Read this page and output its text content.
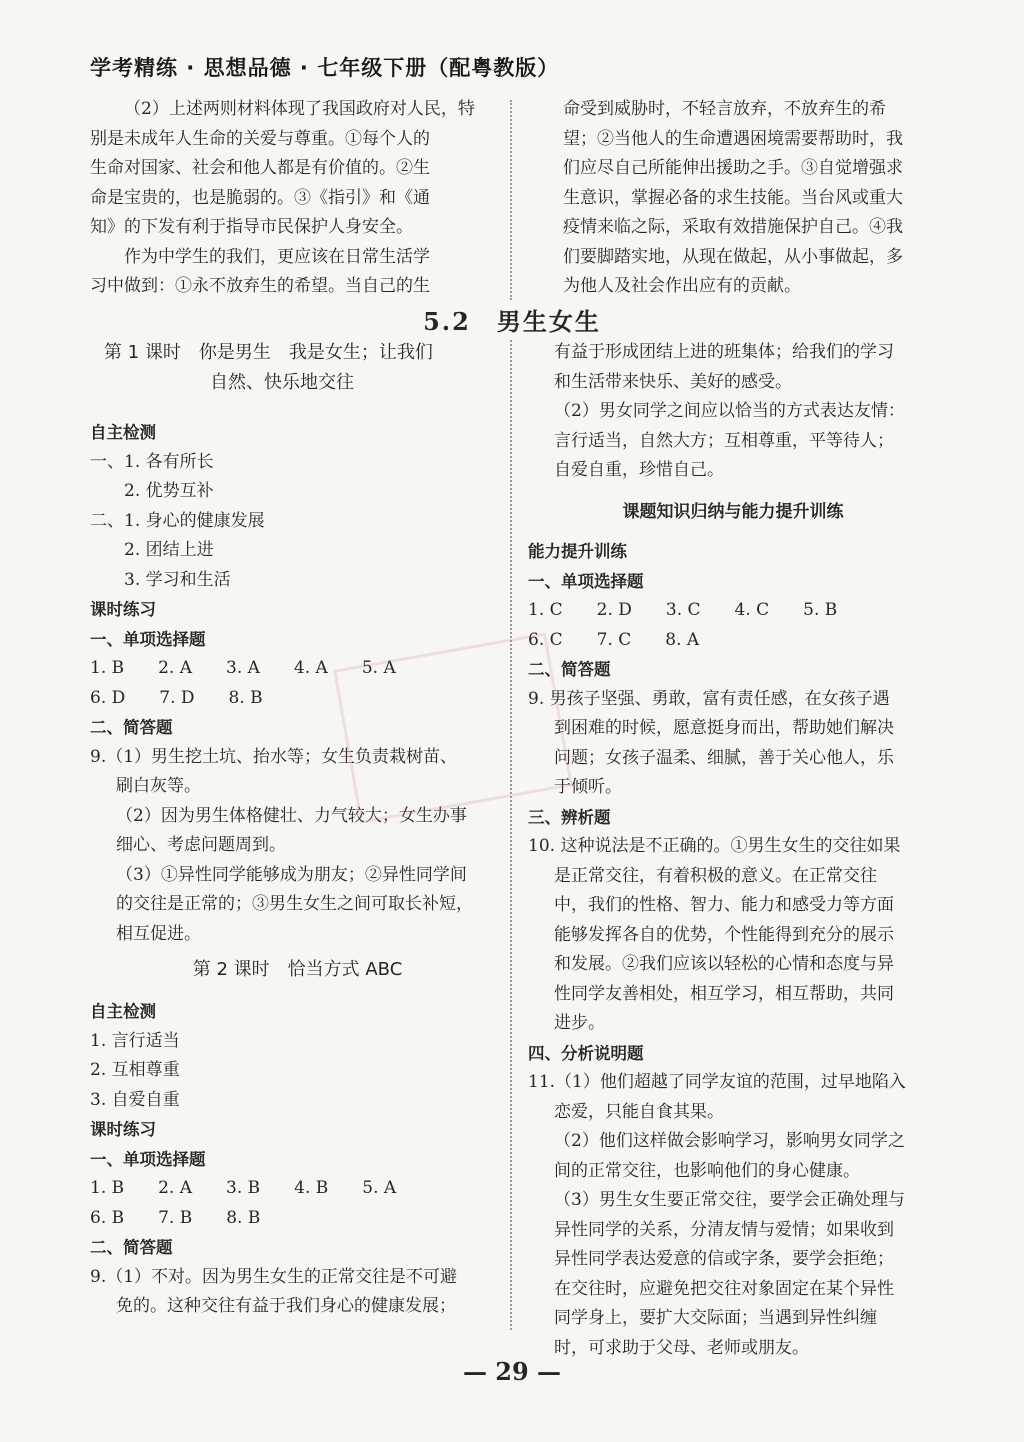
学考精练 · 思想品德 · 七年级下册（配粤教版）

（2）上述两则材料体现了我国政府对人民，特

别是未成年人生命的关爱与尊重。①每个人的

生命对国家、社会和他人都是有价值的。②生

命是宝贵的，也是脆弱的。③《指引》和《通

知》的下发有利于指导市民保护人身安全。

作为中学生的我们，更应该在日常生活学

习中做到：①永不放弃生的希望。当自己的生

命受到威胁时，不轻言放弃，不放弃生的希

望；②当他人的生命遭遇困境需要帮助时，我

们应尽自己所能伸出援助之手。③自觉增强求

生意识，掌握必备的求生技能。当台风或重大

疫情来临之际，采取有效措施保护自己。④我

们要脚踏实地，从现在做起，从小事做起，多

为他人及社会作出应有的贡献。

5.2　男生女生
第 1 课时　你是男生　我是女生；让我们
自然、快乐地交往

自主检测

一、1. 各有所长

2. 优势互补

二、1. 身心的健康发展

2. 团结上进

3. 学习和生活

课时练习

一、单项选择题

1. B　　2. A　　3. A　　4. A　　5. A

6. D　　7. D　　8. B

二、简答题

9.（1）男生挖土坑、抬水等；女生负责栽树苗、

刷白灰等。

（2）因为男生体格健壮、力气较大；女生办事

细心、考虑问题周到。

（3）①异性同学能够成为朋友；②异性同学间

的交往是正常的；③男生女生之间可取长补短，

相互促进。

第 2 课时　恰当方式 ABC

自主检测

1. 言行适当

2. 互相尊重

3. 自爱自重

课时练习

一、单项选择题

1. B　　2. A　　3. B　　4. B　　5. A

6. B　　7. B　　8. B

二、简答题

9.（1）不对。因为男生女生的正常交往是不可避

免的。这种交往有益于我们身心的健康发展；

有益于形成团结上进的班集体；给我们的学习

和生活带来快乐、美好的感受。

（2）男女同学之间应以恰当的方式表达友情：

言行适当，自然大方；互相尊重，平等待人；

自爱自重，珍惜自己。

课题知识归纳与能力提升训练

能力提升训练

一、单项选择题

1. C　　2. D　　3. C　　4. C　　5. B

6. C　　7. C　　8. A

二、简答题

9. 男孩子坚强、勇敢，富有责任感，在女孩子遇

到困难的时候，愿意挺身而出，帮助她们解决

问题；女孩子温柔、细腻，善于关心他人，乐

于倾听。

三、辨析题

10. 这种说法是不正确的。①男生女生的交往如果

是正常交往，有着积极的意义。在正常交往

中，我们的性格、智力、能力和感受力等方面

能够发挥各自的优势，个性能得到充分的展示

和发展。②我们应该以轻松的心情和态度与异

性同学友善相处，相互学习，相互帮助，共同

进步。

四、分析说明题

11.（1）他们超越了同学友谊的范围，过早地陷入

恋爱，只能自食其果。

（2）他们这样做会影响学习，影响男女同学之

间的正常交往，也影响他们的身心健康。

（3）男生女生要正常交往，要学会正确处理与

异性同学的关系，分清友情与爱情；如果收到

异性同学表达爱意的信或字条，要学会拒绝；

在交往时，应避免把交往对象固定在某个异性

同学身上，要扩大交际面；当遇到异性纠缠

时，可求助于父母、老师或朋友。

— 29 —
